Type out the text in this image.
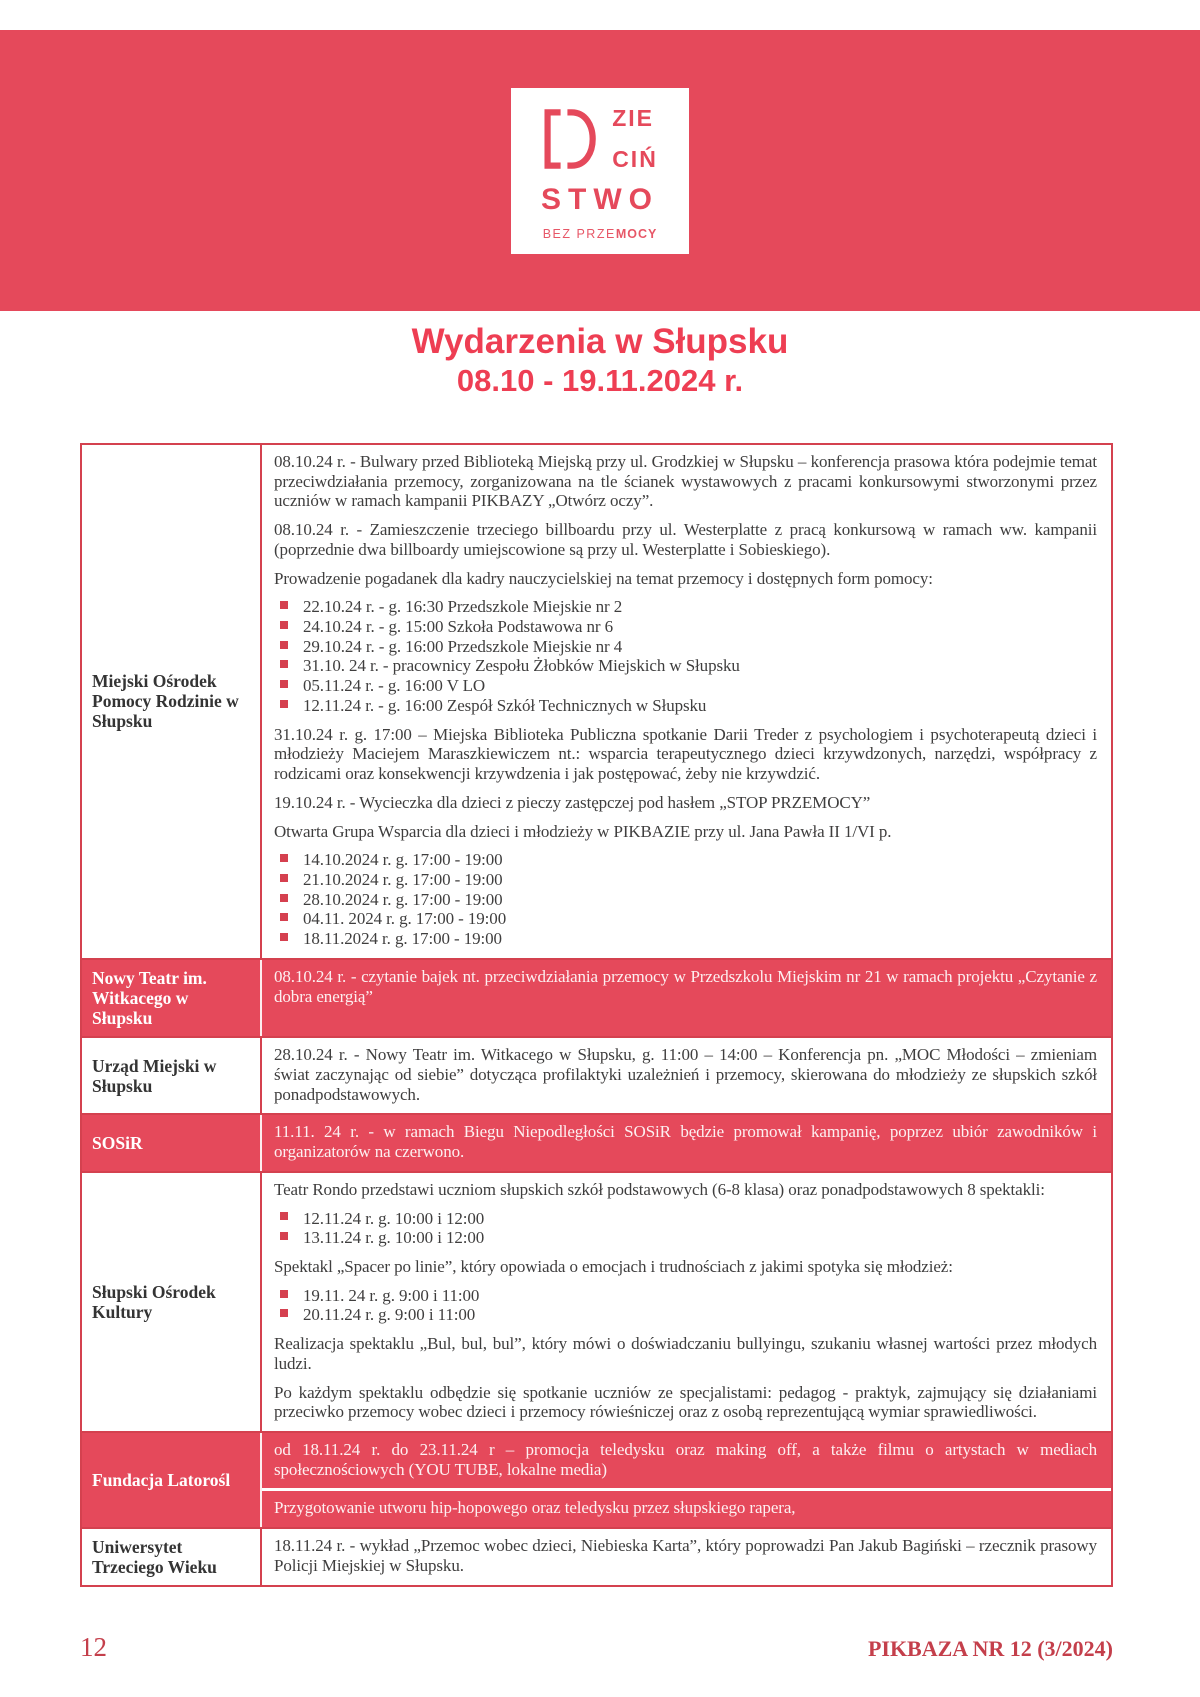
ZIE
CIŃ
STWO
BEZ PRZEMOCY
Wydarzenia w Słupsku
08.10 - 19.11.2024 r.
Miejski Ośrodek Pomocy Rodzinie w Słupsku

08.10.24 r. - Bulwary przed Biblioteką Miejską przy ul. Grodzkiej w Słupsku – konferencja prasowa która podejmie temat przeciwdziałania przemocy, zorganizowana na tle ścianek wystawowych z pracami konkursowymi stworzonymi przez uczniów w ramach kampanii PIKBAZY „Otwórz oczy”.

08.10.24 r. - Zamieszczenie trzeciego billboardu przy ul. Westerplatte z pracą konkursową w ramach ww. kampanii (poprzednie dwa billboardy umiejscowione są przy ul. Westerplatte i Sobieskiego).

Prowadzenie pogadanek dla kadry nauczycielskiej na temat przemocy i dostępnych form pomocy:

22.10.24 r. - g. 16:30 Przedszkole Miejskie nr 2
24.10.24 r. - g. 15:00 Szkoła Podstawowa nr 6
29.10.24 r. - g. 16:00 Przedszkole Miejskie nr 4
31.10. 24 r. - pracownicy Zespołu Żłobków Miejskich w Słupsku
05.11.24 r. - g. 16:00 V LO
12.11.24 r. - g. 16:00 Zespół Szkół Technicznych w Słupsku

31.10.24 r. g. 17:00 – Miejska Biblioteka Publiczna spotkanie Darii Treder z psychologiem i psychoterapeutą dzieci i młodzieży Maciejem Maraszkiewiczem nt.: wsparcia terapeutycznego dzieci krzywdzonych, narzędzi, współpracy z rodzicami oraz konsekwencji krzywdzenia i jak postępować, żeby nie krzywdzić.

19.10.24 r. - Wycieczka dla dzieci z pieczy zastępczej pod hasłem „STOP PRZEMOCY”

Otwarta Grupa Wsparcia dla dzieci i młodzieży w PIKBAZIE przy ul. Jana Pawła II 1/VI p.

14.10.2024 r. g. 17:00 - 19:00
21.10.2024 r. g. 17:00 - 19:00
28.10.2024 r. g. 17:00 - 19:00
04.11. 2024 r. g. 17:00 - 19:00
18.11.2024 r. g. 17:00 - 19:00
Nowy Teatr im. Witkacego w Słupsku

08.10.24 r. - czytanie bajek nt. przeciwdziałania przemocy w Przedszkolu Miejskim nr 21 w ramach projektu „Czytanie z dobra energią”

Urząd Miejski w Słupsku

28.10.24 r. - Nowy Teatr im. Witkacego w Słupsku, g. 11:00 – 14:00 – Konferencja pn. „MOC Młodości – zmieniam świat zaczynając od siebie” dotycząca profilaktyki uzależnień i przemocy, skierowana do młodzieży ze słupskich szkół ponadpodstawowych.

SOSiR

11.11. 24 r. - w ramach Biegu Niepodległości SOSiR będzie promował kampanię, poprzez ubiór zawodników i organizatorów na czerwono.

Słupski Ośrodek Kultury

Teatr Rondo przedstawi uczniom słupskich szkół podstawowych (6-8 klasa) oraz ponadpodstawowych 8 spektakli:

12.11.24 r. g. 10:00 i 12:00
13.11.24 r. g. 10:00 i 12:00

Spektakl „Spacer po linie”, który opowiada o emocjach i trudnościach z jakimi spotyka się młodzież:

19.11. 24 r. g. 9:00 i 11:00
20.11.24 r. g. 9:00 i 11:00

Realizacja spektaklu „Bul, bul, bul”, który mówi o doświadczaniu bullyingu, szukaniu własnej wartości przez młodych ludzi.

Po każdym spektaklu odbędzie się spotkanie uczniów ze specjalistami: pedagog - praktyk, zajmujący się działaniami przeciwko przemocy wobec dzieci i przemocy rówieśniczej oraz z osobą reprezentującą wymiar sprawiedliwości.

Fundacja Latorośl

od 18.11.24 r. do 23.11.24 r – promocja teledysku oraz making off, a także filmu o artystach w mediach społecznościowych (YOU TUBE, lokalne media)

Przygotowanie utworu hip-hopowego oraz teledysku przez słupskiego rapera,

Uniwersytet Trzeciego Wieku

18.11.24 r. - wykład „Przemoc wobec dzieci, Niebieska Karta”, który poprowadzi Pan Jakub Bagiński – rzecznik prasowy Policji Miejskiej w Słupsku.

12	PIKBAZA NR 12 (3/2024)
